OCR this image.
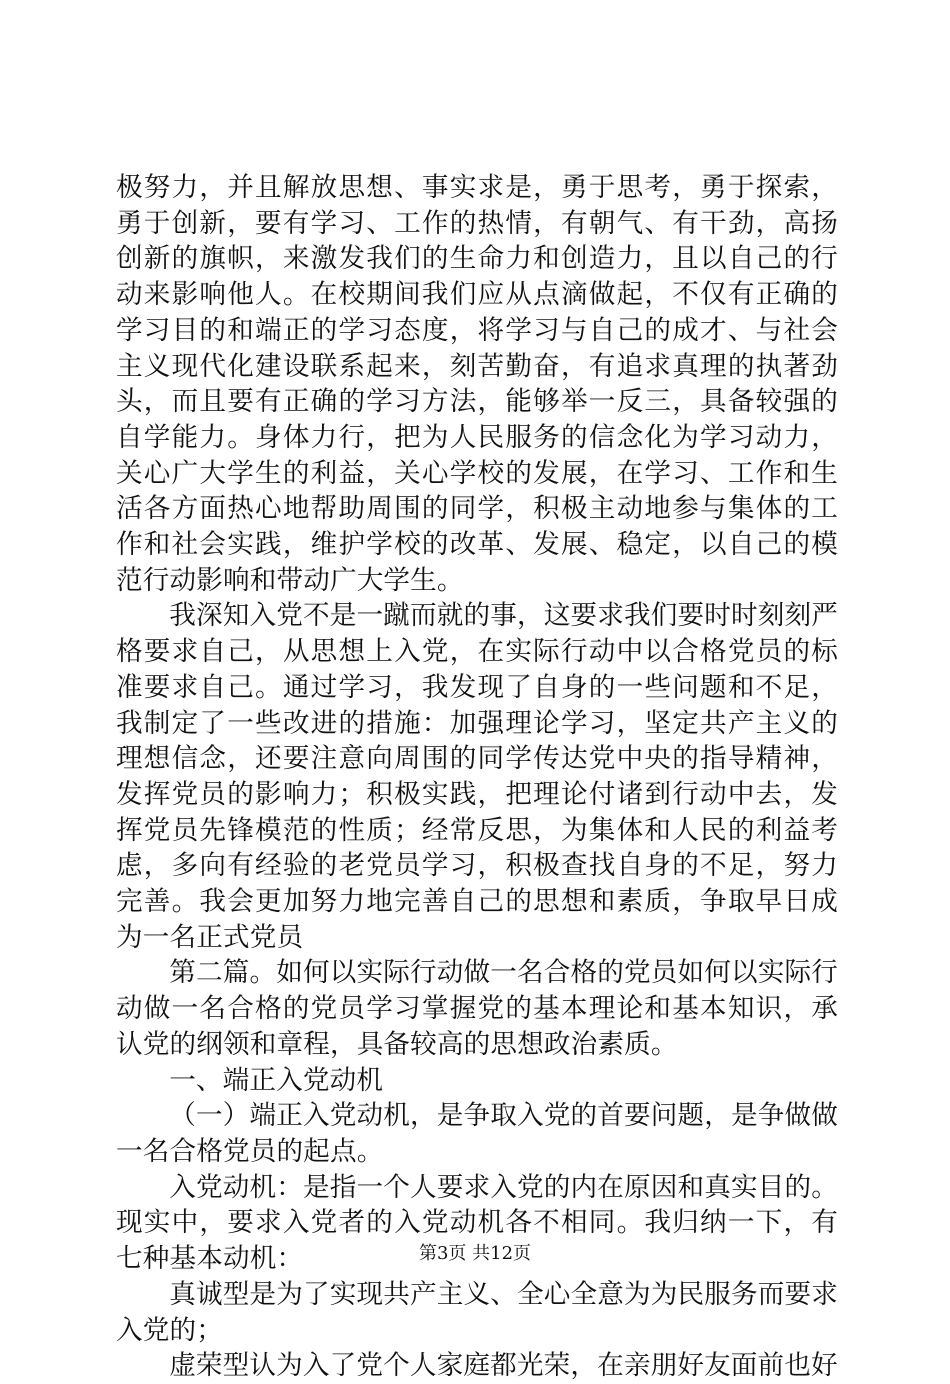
极努力，并且解放思想、事实求是，勇于思考，勇于探索，勇于创新，要有学习、工作的热情，有朝气、有干劲，高扬创新的旗帜，来激发我们的生命力和创造力，且以自己的行动来影响他人。在校期间我们应从点滴做起，不仅有正确的学习目的和端正的学习态度，将学习与自己的成才、与社会主义现代化建设联系起来，刻苦勤奋，有追求真理的执著劲头，而且要有正确的学习方法，能够举一反三，具备较强的自学能力。身体力行，把为人民服务的信念化为学习动力，关心广大学生的利益，关心学校的发展，在学习、工作和生活各方面热心地帮助周围的同学，积极主动地参与集体的工作和社会实践，维护学校的改革、发展、稳定，以自己的模范行动影响和带动广大学生。

我深知入党不是一蹴而就的事，这要求我们要时时刻刻严格要求自己，从思想上入党，在实际行动中以合格党员的标准要求自己。通过学习，我发现了自身的一些问题和不足，我制定了一些改进的措施：加强理论学习，坚定共产主义的理想信念，还要注意向周围的同学传达党中央的指导精神，发挥党员的影响力；积极实践，把理论付诸到行动中去，发挥党员先锋模范的性质；经常反思，为集体和人民的利益考虑，多向有经验的老党员学习，积极查找自身的不足，努力完善。我会更加努力地完善自己的思想和素质，争取早日成为一名正式党员

第二篇。如何以实际行动做一名合格的党员如何以实际行动做一名合格的党员学习掌握党的基本理论和基本知识，承认党的纲领和章程，具备较高的思想政治素质。

一、端正入党动机

（一）端正入党动机，是争取入党的首要问题，是争做做一名合格党员的起点。

入党动机：是指一个人要求入党的内在原因和真实目的。现实中，要求入党者的入党动机各不相同。我归纳一下，有七种基本动机：

真诚型是为了实现共产主义、全心全意为为民服务而要求入党的；

虚荣型认为入了党个人家庭都光荣，在亲朋好友面前也好

第3页 共12页
